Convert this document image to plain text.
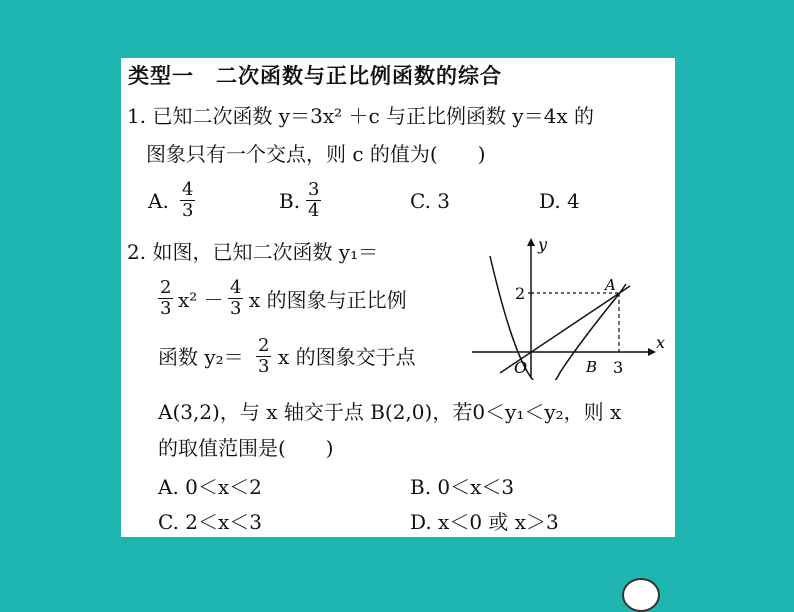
类型一　二次函数与正比例函数的综合
1. 已知二次函数 y＝3x² ＋c 与正比例函数 y＝4x 的
图象只有一个交点，则 c 的值为(　　)
A. $\frac{4}{3}$	B. $\frac{3}{4}$	C. 3	D. 4
2. 如图，已知二次函数 y₁＝
$\frac{2}{3} x^2 - \frac{4}{3}$ x 的图象与正比例
函数 $y_2= \frac{2}{3}$ x 的图象交于点
A(3,2)，与 x 轴交于点 B(2,0)，若0＜y₁＜y₂，则 x
的取值范围是(　　)
A. 0＜x＜2	B. 0＜x＜3
C. 2＜x＜3	D. x＜0 或 x＞3
y
x
O
2
3
A
B
